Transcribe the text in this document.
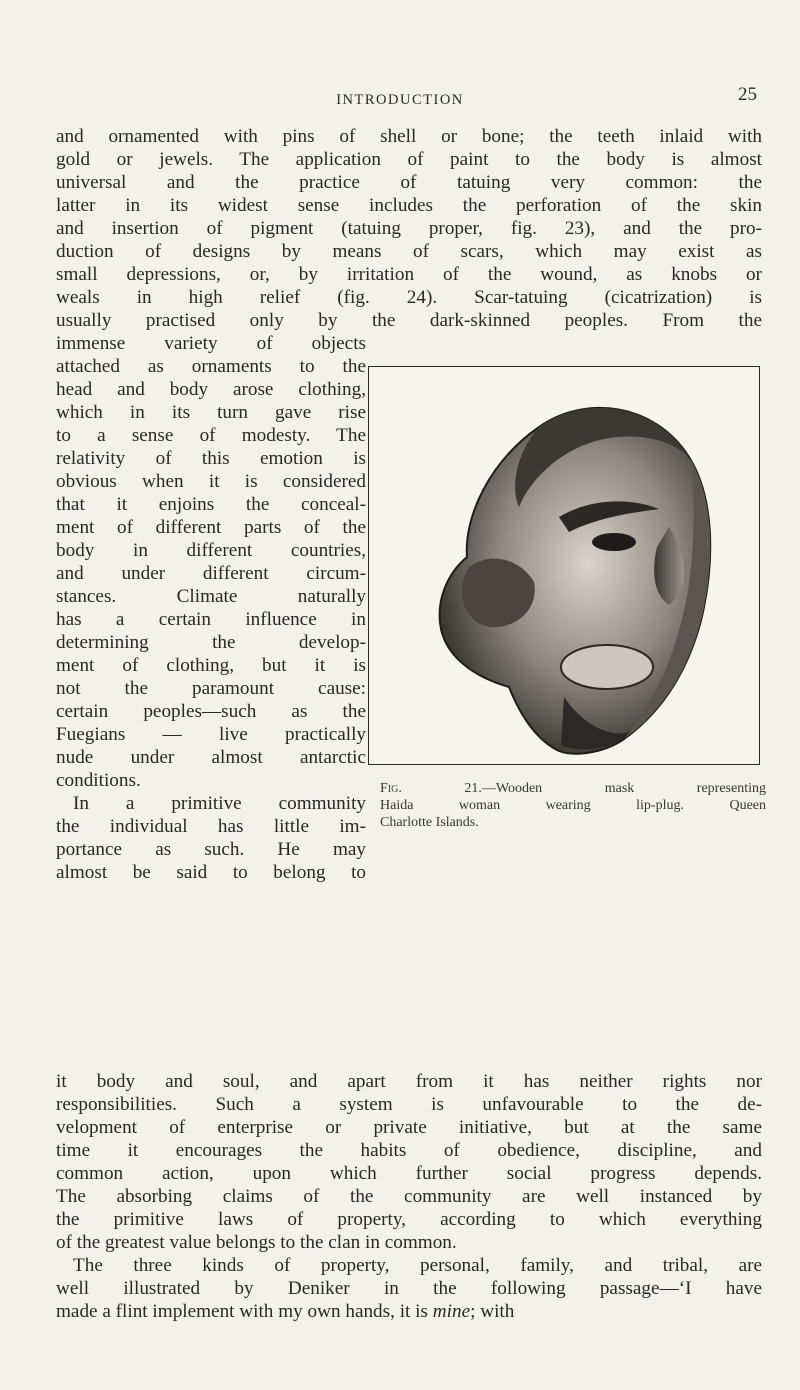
INTRODUCTION	25
and ornamented with pins of shell or bone; the teeth inlaid with
gold or jewels. The application of paint to the body is almost
universal and the practice of tatuing very common: the
latter in its widest sense includes the perforation of the skin
and insertion of pigment (tatuing proper, fig. 23), and the pro-
duction of designs by means of scars, which may exist as
small depressions, or, by irritation of the wound, as knobs or
weals in high relief (fig. 24). Scar-tatuing (cicatrization) is
usually practised only by the dark-skinned peoples. From the
immense variety of objects
attached as ornaments to the
head and body arose clothing,
which in its turn gave rise
to a sense of modesty. The
relativity of this emotion is
obvious when it is considered
that it enjoins the conceal-
ment of different parts of the
body in different countries,
and under different circum-
stances. Climate naturally
has a certain influence in
determining the develop-
ment of clothing, but it is
not the paramount cause:
certain peoples—such as the
Fuegians — live practically
nude under almost antarctic
conditions.
In a primitive community
the individual has little im-
portance as such. He may
almost be said to belong to
it body and soul, and apart from it has neither rights nor
responsibilities. Such a system is unfavourable to the de-
velopment of enterprise or private initiative, but at the same
time it encourages the habits of obedience, discipline, and
common action, upon which further social progress depends.
The absorbing claims of the community are well instanced by
the primitive laws of property, according to which everything
of the greatest value belongs to the clan in common.
The three kinds of property, personal, family, and tribal, are
well illustrated by Deniker in the following passage—‘I have
made a flint implement with my own hands, it is mine; with
Fig. 21.—Wooden mask representing
Haida woman wearing lip-plug. Queen
Charlotte Islands.
